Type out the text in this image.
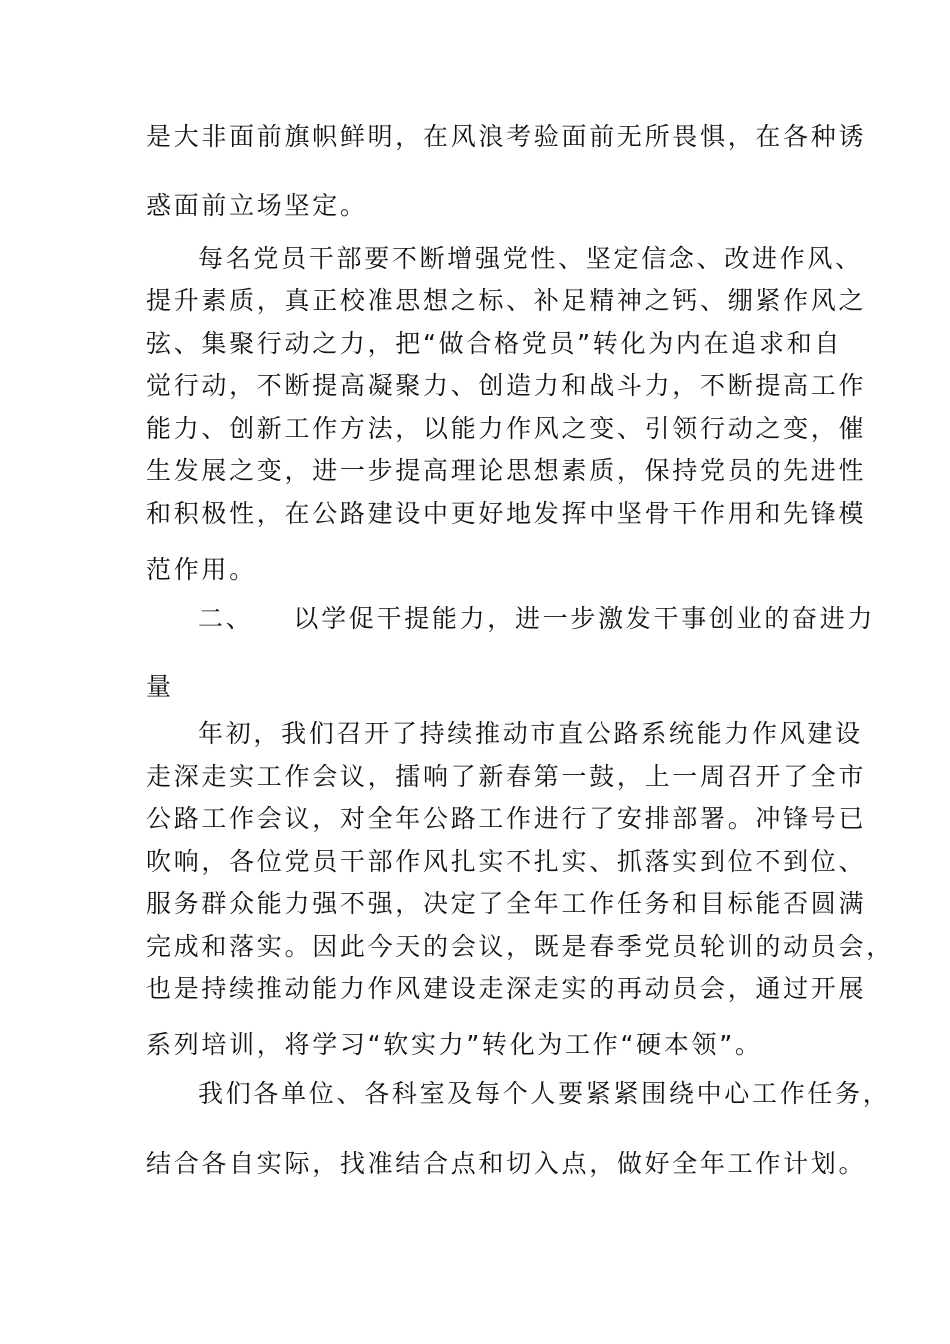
是大非面前旗帜鲜明，在风浪考验面前无所畏惧，在各种诱
惑面前立场坚定。
每名党员干部要不断增强党性、坚定信念、改进作风、
提升素质，真正校准思想之标、补足精神之钙、绷紧作风之
弦、集聚行动之力，把“做合格党员”转化为内在追求和自
觉行动，不断提高凝聚力、创造力和战斗力，不断提高工作
能力、创新工作方法，以能力作风之变、引领行动之变，催
生发展之变，进一步提高理论思想素质，保持党员的先进性
和积极性，在公路建设中更好地发挥中坚骨干作用和先锋模
范作用。
二、 以学促干提能力，进一步激发干事创业的奋进力
量
年初，我们召开了持续推动市直公路系统能力作风建设
走深走实工作会议，擂响了新春第一鼓，上一周召开了全市
公路工作会议，对全年公路工作进行了安排部署。冲锋号已
吹响，各位党员干部作风扎实不扎实、抓落实到位不到位、
服务群众能力强不强，决定了全年工作任务和目标能否圆满
完成和落实。因此今天的会议，既是春季党员轮训的动员会，
也是持续推动能力作风建设走深走实的再动员会，通过开展
系列培训，将学习“软实力”转化为工作“硬本领”。
我们各单位、各科室及每个人要紧紧围绕中心工作任务，
结合各自实际，找准结合点和切入点，做好全年工作计划。
